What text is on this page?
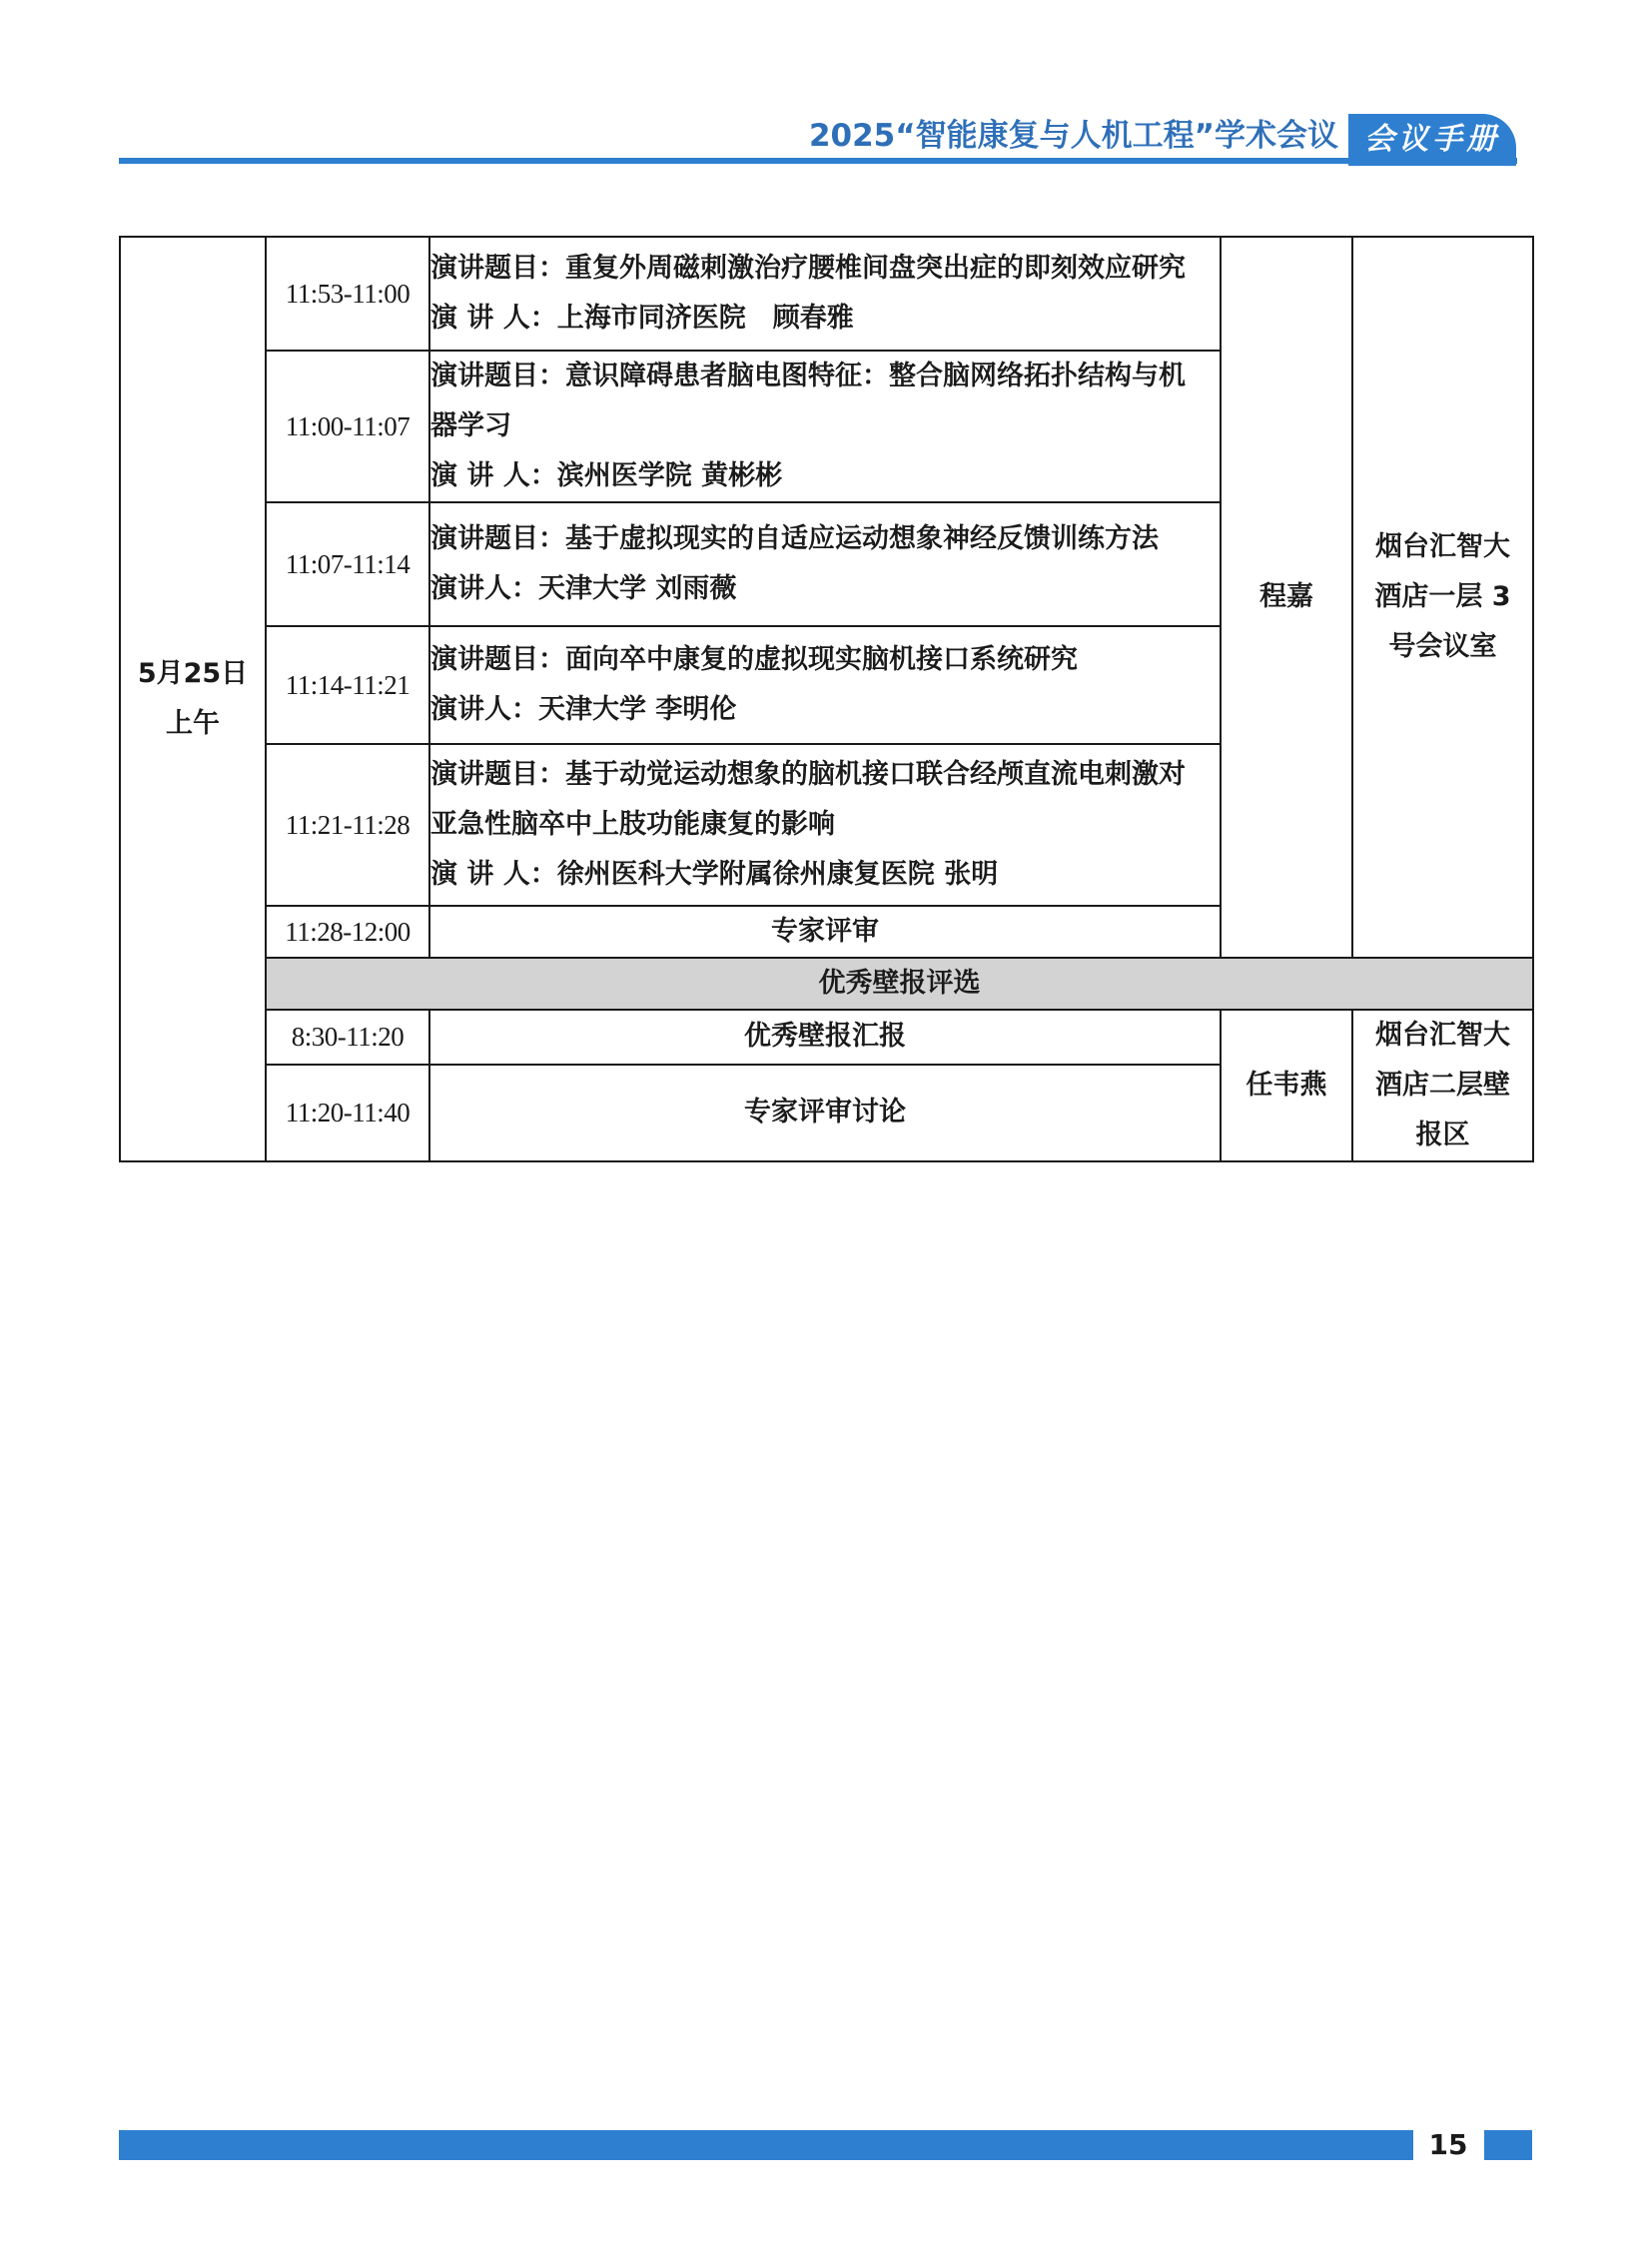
2025“智能康复与人机工程”学术会议 会议手册
5月25日
上午	11:53-11:00	演讲题目：重复外周磁刺激治疗腰椎间盘突出症的即刻效应研究
演 讲 人：上海市同济医院　顾春雅	程嘉	烟台汇智大
酒店一层 3
号会议室

	11:00-11:07	演讲题目：意识障碍患者脑电图特征：整合脑网络拓扑结构与机
器学习
演 讲 人：滨州医学院 黄彬彬		

	11:07-11:14	演讲题目：基于虚拟现实的自适应运动想象神经反馈训练方法
演讲人：天津大学 刘雨薇		

	11:14-11:21	演讲题目：面向卒中康复的虚拟现实脑机接口系统研究
演讲人：天津大学 李明伦		

	11:21-11:28	演讲题目：基于动觉运动想象的脑机接口联合经颅直流电刺激对
亚急性脑卒中上肢功能康复的影响
演 讲 人：徐州医科大学附属徐州康复医院 张明		

	11:28-12:00	专家评审		
	优秀壁报评选			
	8:30-11:20	优秀壁报汇报	任韦燕	烟台汇智大
酒店二层壁
报区

	11:20-11:40	专家评审讨论		
15
